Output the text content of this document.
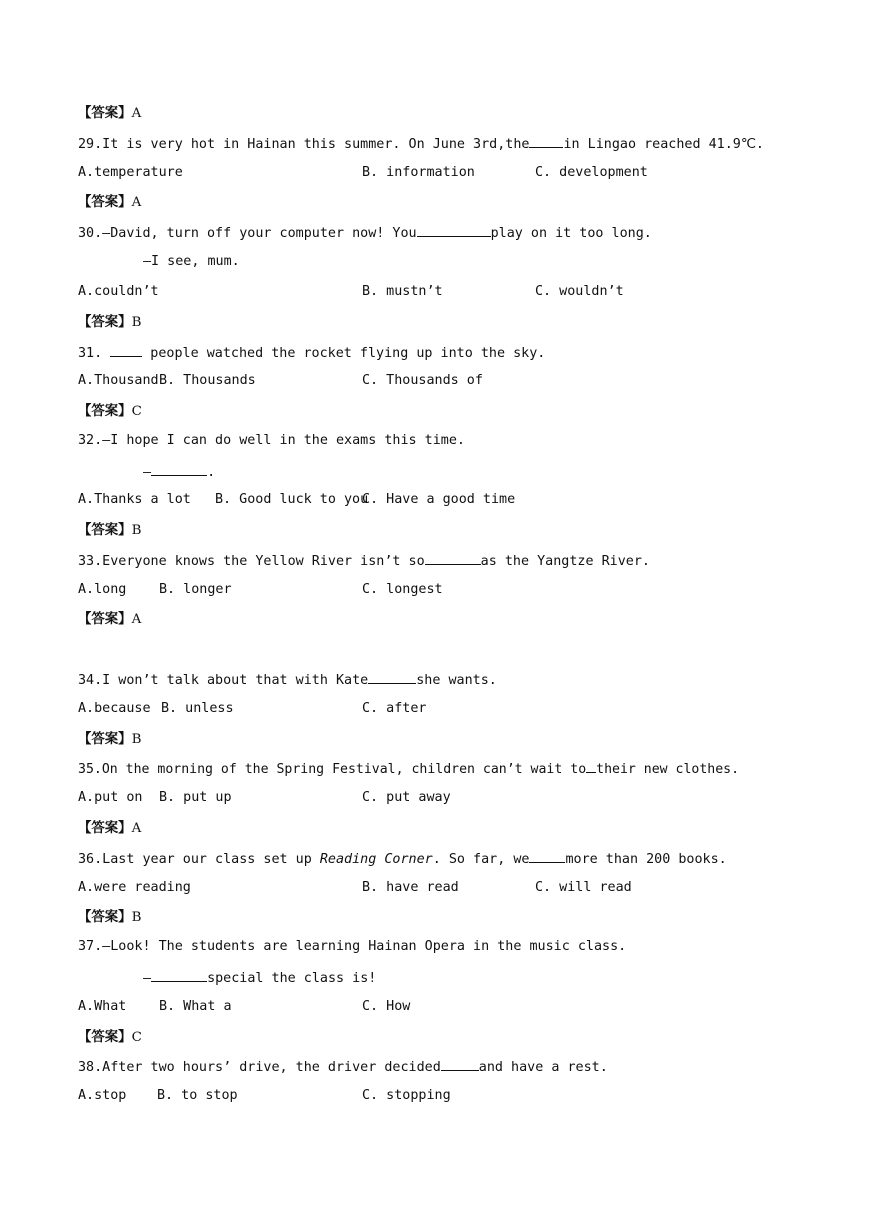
【答案】A
29.It is very hot in Hainan this summer. On June 3rd,the	in Lingao reached 41.9℃.
A.temperature	B. information	C. development
【答案】A
30.—David, turn off your computer now! You	play on it too long.
—I see, mum.
A.couldn’t	B. mustn’t	C. wouldn’t
【答案】B
31.  people watched the rocket flying up into the sky.
A.Thousand B. Thousands	C. Thousands of
【答案】C
32.—I hope I can do well in the exams this time.
—	.
A.Thanks a lot B. Good luck to you
C. Have a good time
【答案】B
33.Everyone knows the Yellow River isn’t so	as the Yangtze River.
A.long B. longer	C. longest
【答案】A
34.I won’t talk about that with Kate	she wants.
A.because B. unless	C. after
【答案】B
35.On the morning of the Spring Festival, children can’t wait to their new clothes.
A.put on B. put up	C. put away
【答案】A
36.Last year our class set up Reading Corner. So far, we	more than 200 books.
A.were reading	B. have read	C. will read
【答案】B
37.—Look! The students are learning Hainan Opera in the music class.
—	special the class is!
A.What B. What a	C. How
【答案】C
38.After two hours’ drive, the driver decided	and have a rest.
A.stop B. to stop	C. stopping
